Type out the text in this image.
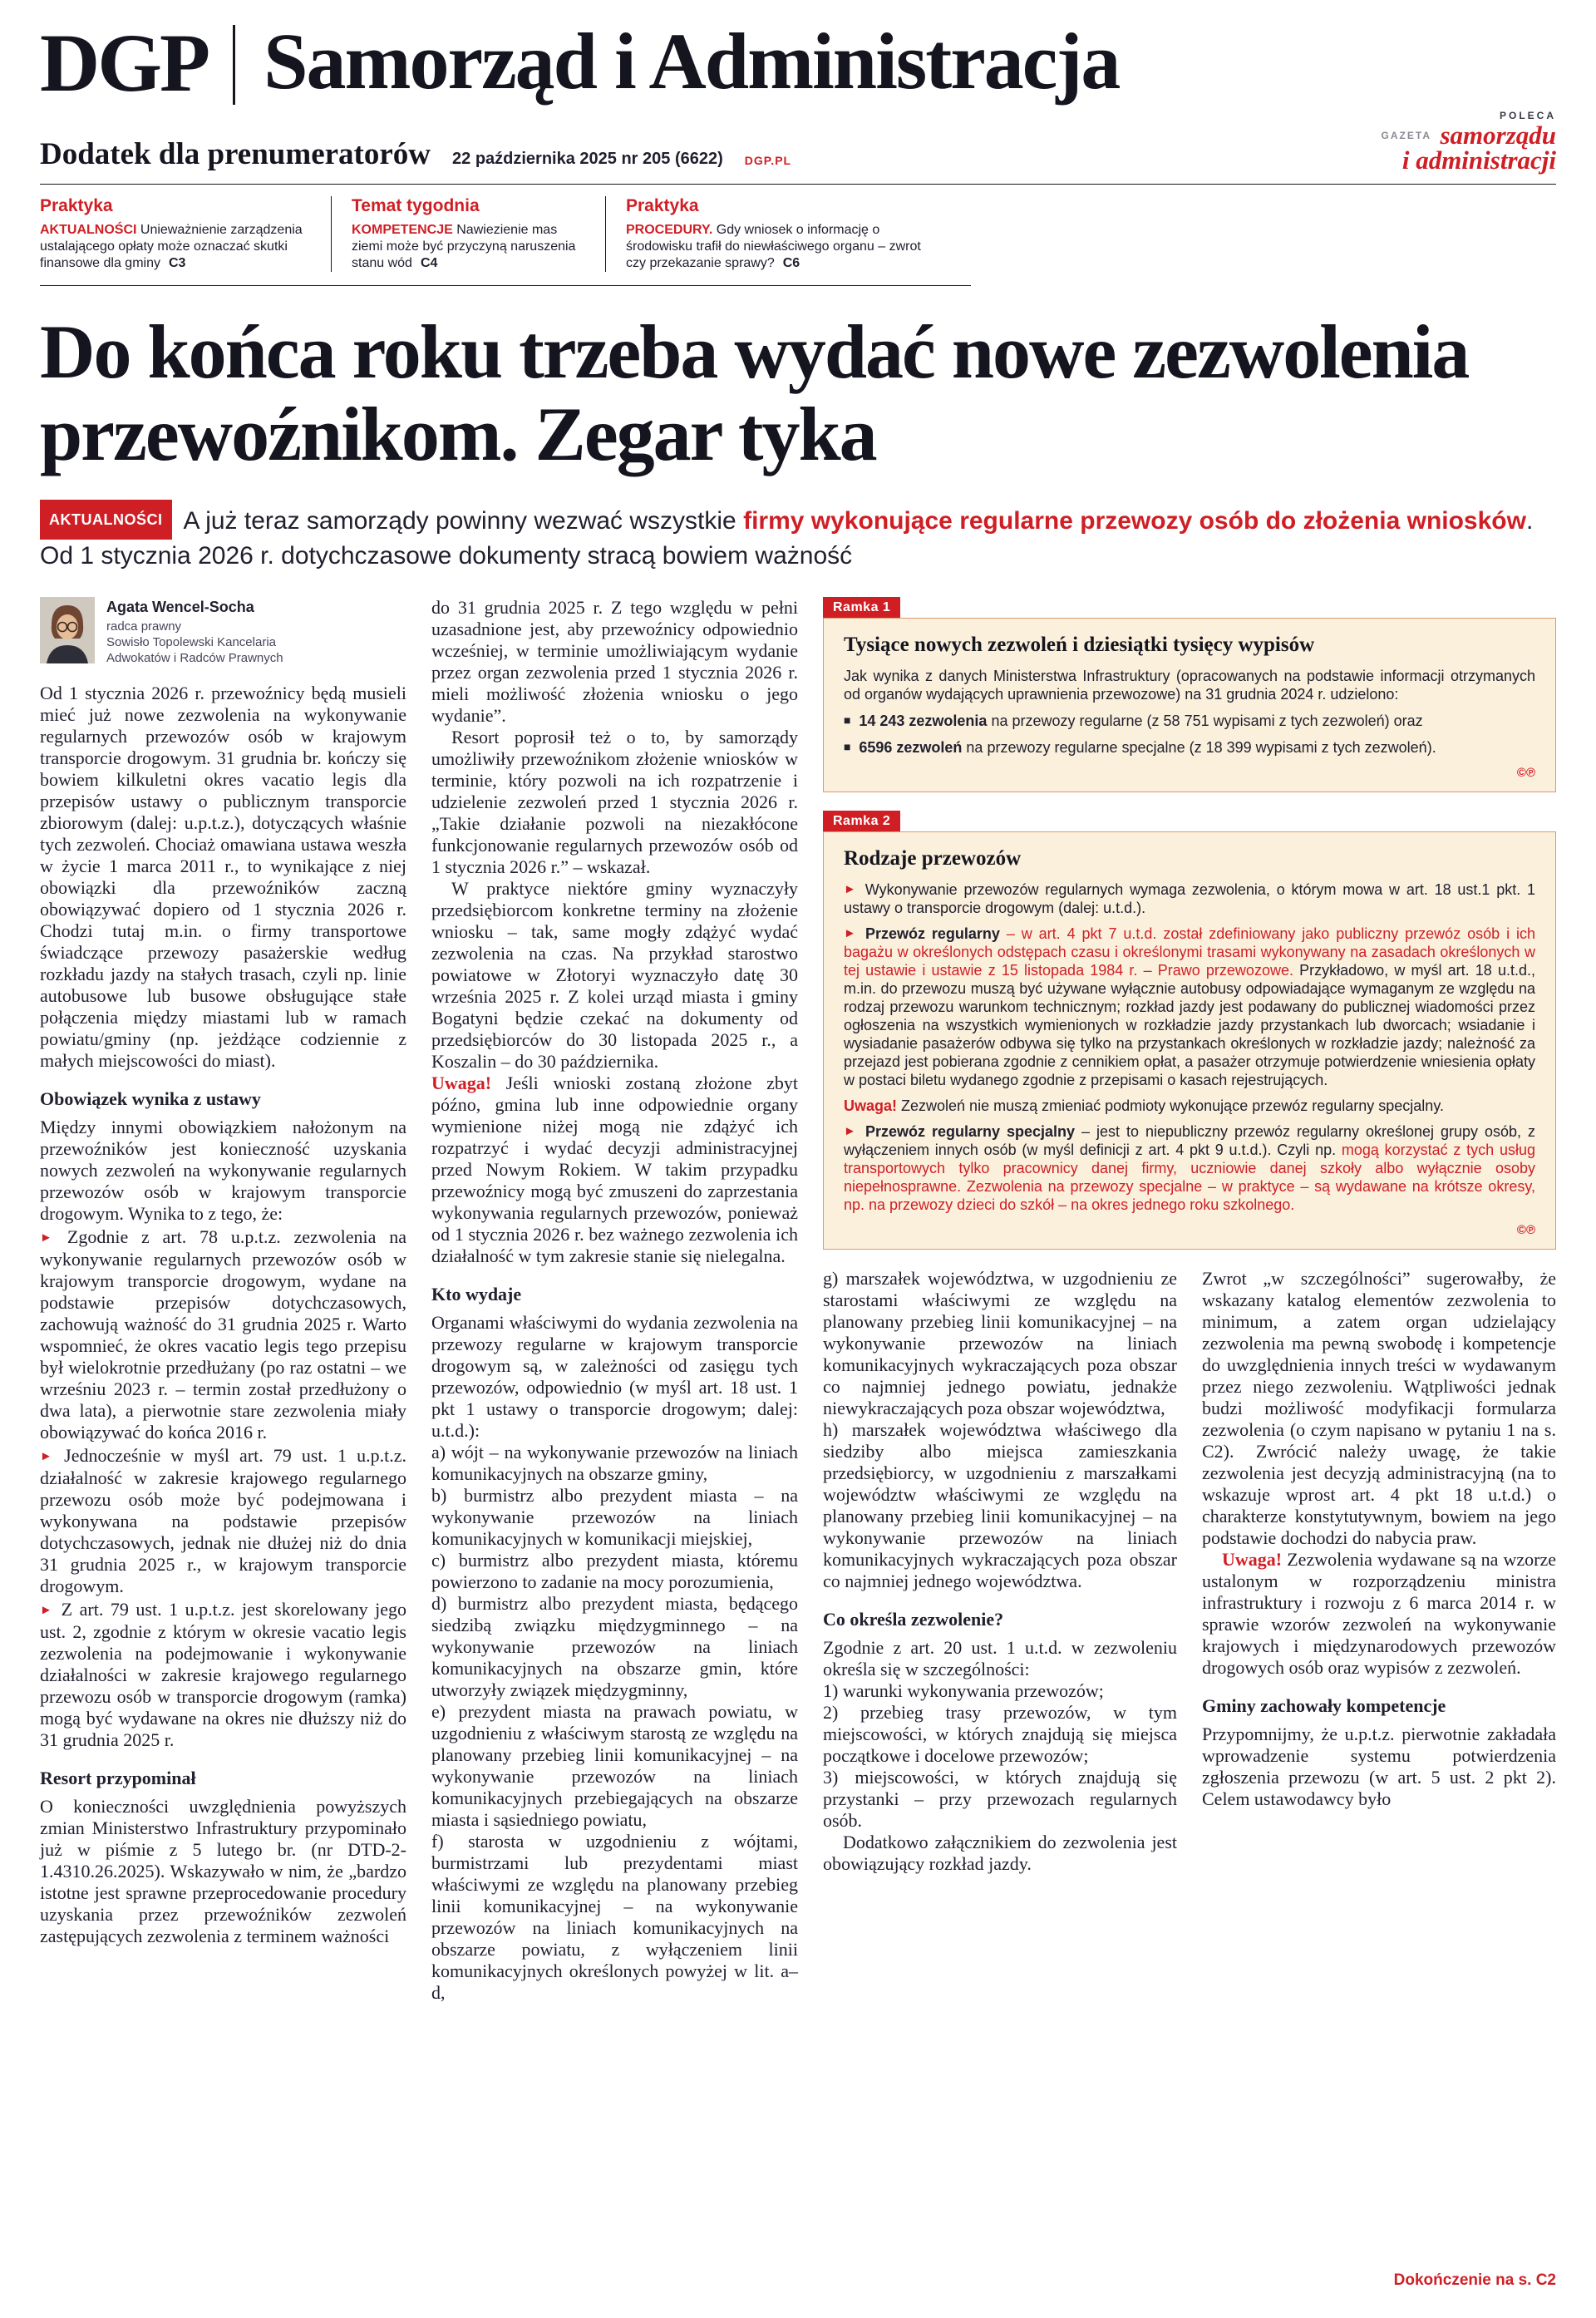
DGP Samorząd i Administracja
Dodatek dla prenumeratorów 22 października 2025 nr 205 (6622) DGP.PL
POLECA
$^{GAZETA}$ samorządu
i administracji
Praktyka

AKTUALNOŚCI Unieważnienie zarządzenia ustalającego opłaty może oznaczać skutki finansowe dla gminy C3

Temat tygodnia

KOMPETENCJE Nawiezienie mas ziemi może być przyczyną naruszenia stanu wód C4

Praktyka

PROCEDURY. Gdy wniosek o informację o środowisku trafił do niewłaściwego organu – zwrot czy przekazanie sprawy? C6

Do końca roku trzeba wydać nowe zezwolenia przewoźnikom. Zegar tyka

AKTUALNOŚCI A już teraz samorządy powinny wezwać wszystkie firmy wykonujące regularne przewozy osób do złożenia wniosków. Od 1 stycznia 2026 r. dotychczasowe dokumenty stracą bowiem ważność

Agata Wencel-Socha
radca prawny
Sowisło Topolewski Kancelaria Adwokatów i Radców Prawnych

Od 1 stycznia 2026 r. przewoźnicy będą musieli mieć już nowe zezwolenia na wykonywanie regularnych przewozów osób w krajowym transporcie drogowym. 31 grudnia br. kończy się bowiem kilkuletni okres vacatio legis dla przepisów ustawy o publicznym transporcie zbiorowym (dalej: u.p.t.z.), dotyczących właśnie tych zezwoleń. Chociaż omawiana ustawa weszła w życie 1 marca 2011 r., to wynikające z niej obowiązki dla przewoźników zaczną obowiązywać dopiero od 1 stycznia 2026 r. Chodzi tutaj m.in. o firmy transportowe świadczące przewozy pasażerskie według rozkładu jazdy na stałych trasach, czyli np. linie autobusowe lub busowe obsługujące stałe połączenia między miastami lub w ramach powiatu/gminy (np. jeżdżące codziennie z małych miejscowości do miast).

Obowiązek wynika z ustawy

Między innymi obowiązkiem nałożonym na przewoźników jest konieczność uzyskania nowych zezwoleń na wykonywanie regularnych przewozów osób w krajowym transporcie drogowym. Wynika to z tego, że:

► Zgodnie z art. 78 u.p.t.z. zezwolenia na wykonywanie regularnych przewozów osób w krajowym transporcie drogowym, wydane na podstawie przepisów dotychczasowych, zachowują ważność do 31 grudnia 2025 r. Warto wspomnieć, że okres vacatio legis tego przepisu był wielokrotnie przedłużany (po raz ostatni – we wrześniu 2023 r. – termin został przedłużony o dwa lata), a pierwotnie stare zezwolenia miały obowiązywać do końca 2016 r.

► Jednocześnie w myśl art. 79 ust. 1 u.p.t.z. działalność w zakresie krajowego regularnego przewozu osób może być podejmowana i wykonywana na podstawie przepisów dotychczasowych, jednak nie dłużej niż do dnia 31 grudnia 2025 r., w krajowym transporcie drogowym.

► Z art. 79 ust. 1 u.p.t.z. jest skorelowany jego ust. 2, zgodnie z którym w okresie vacatio legis zezwolenia na podejmowanie i wykonywanie działalności w zakresie krajowego regularnego przewozu osób w transporcie drogowym (ramka) mogą być wydawane na okres nie dłuższy niż do 31 grudnia 2025 r.

Resort przypominał

O konieczności uwzględnienia powyższych zmian Ministerstwo Infrastruktury przypominało już w piśmie z 5 lutego br. (nr DTD-2-1.4310.26.2025). Wskazywało w nim, że „bardzo istotne jest sprawne przeprocedowanie procedury uzyskania przez przewoźników zezwoleń zastępujących zezwolenia z terminem ważności

do 31 grudnia 2025 r. Z tego względu w pełni uzasadnione jest, aby przewoźnicy odpowiednio wcześniej, w terminie umożliwiającym wydanie przez organ zezwolenia przed 1 stycznia 2026 r. mieli możliwość złożenia wniosku o jego wydanie”.

Resort poprosił też o to, by samorządy umożliwiły przewoźnikom złożenie wniosków w terminie, który pozwoli na ich rozpatrzenie i udzielenie zezwoleń przed 1 stycznia 2026 r. „Takie działanie pozwoli na niezakłócone funkcjonowanie regularnych przewozów osób od 1 stycznia 2026 r.” – wskazał.

W praktyce niektóre gminy wyznaczyły przedsiębiorcom konkretne terminy na złożenie wniosku – tak, same mogły zdążyć wydać zezwolenia na czas. Na przykład starostwo powiatowe w Złotoryi wyznaczyło datę 30 września 2025 r. Z kolei urząd miasta i gminy Bogatyni będzie czekać na dokumenty od przedsiębiorców do 30 listopada 2025 r., a Koszalin – do 30 października.

Uwaga! Jeśli wnioski zostaną złożone zbyt późno, gmina lub inne odpowiednie organy wymienione niżej mogą nie zdążyć ich rozpatrzyć i wydać decyzji administracyjnej przed Nowym Rokiem. W takim przypadku przewoźnicy mogą być zmuszeni do zaprzestania wykonywania regularnych przewozów, ponieważ od 1 stycznia 2026 r. bez ważnego zezwolenia ich działalność w tym zakresie stanie się nielegalna.

Kto wydaje

Organami właściwymi do wydania zezwolenia na przewozy regularne w krajowym transporcie drogowym są, w zależności od zasięgu tych przewozów, odpowiednio (w myśl art. 18 ust. 1 pkt 1 ustawy o transporcie drogowym; dalej: u.t.d.):

a) wójt – na wykonywanie przewozów na liniach komunikacyjnych na obszarze gminy,

b) burmistrz albo prezydent miasta – na wykonywanie przewozów na liniach komunikacyjnych w komunikacji miejskiej,

c) burmistrz albo prezydent miasta, któremu powierzono to zadanie na mocy porozumienia,

d) burmistrz albo prezydent miasta, będącego siedzibą związku międzygminnego – na wykonywanie przewozów na liniach komunikacyjnych na obszarze gmin, które utworzyły związek międzygminny,

e) prezydent miasta na prawach powiatu, w uzgodnieniu z właściwym starostą ze względu na planowany przebieg linii komunikacyjnej – na wykonywanie przewozów na liniach komunikacyjnych przebiegających na obszarze miasta i sąsiedniego powiatu,

f) starosta w uzgodnieniu z wójtami, burmistrzami lub prezydentami miast właściwymi ze względu na planowany przebieg linii komunikacyjnej – na wykonywanie przewozów na liniach komunikacyjnych na obszarze powiatu, z wyłączeniem linii komunikacyjnych określonych powyżej w lit. a–d,

Ramka 1
Tysiące nowych zezwoleń i dziesiątki tysięcy wypisów

Jak wynika z danych Ministerstwa Infrastruktury (opracowanych na podstawie informacji otrzymanych od organów wydających uprawnienia przewozowe) na 31 grudnia 2024 r. udzielono:

■ 14 243 zezwolenia na przewozy regularne (z 58 751 wypisami z tych zezwoleń) oraz

■ 6596 zezwoleń na przewozy regularne specjalne (z 18 399 wypisami z tych zezwoleń).

©℗
Ramka 2
Rodzaje przewozów

► Wykonywanie przewozów regularnych wymaga zezwolenia, o którym mowa w art. 18 ust.1 pkt. 1 ustawy o transporcie drogowym (dalej: u.t.d.).

► Przewóz regularny – w art. 4 pkt 7 u.t.d. został zdefiniowany jako publiczny przewóz osób i ich bagażu w określonych odstępach czasu i określonymi trasami wykonywany na zasadach określonych w tej ustawie i ustawie z 15 listopada 1984 r. – Prawo przewozowe. Przykładowo, w myśl art. 18 u.t.d., m.in. do przewozu muszą być używane wyłącznie autobusy odpowiadające wymaganym ze względu na rodzaj przewozu warunkom technicznym; rozkład jazdy jest podawany do publicznej wiadomości przez ogłoszenia na wszystkich wymienionych w rozkładzie jazdy przystankach lub dworcach; wsiadanie i wysiadanie pasażerów odbywa się tylko na przystankach określonych w rozkładzie jazdy; należność za przejazd jest pobierana zgodnie z cennikiem opłat, a pasażer otrzymuje potwierdzenie wniesienia opłaty w postaci biletu wydanego zgodnie z przepisami o kasach rejestrujących.

Uwaga! Zezwoleń nie muszą zmieniać podmioty wykonujące przewóz regularny specjalny.

► Przewóz regularny specjalny – jest to niepubliczny przewóz regularny określonej grupy osób, z wyłączeniem innych osób (w myśl definicji z art. 4 pkt 9 u.t.d.). Czyli np. mogą korzystać z tych usług transportowych tylko pracownicy danej firmy, uczniowie danej szkoły albo wyłącznie osoby niepełnosprawne. Zezwolenia na przewozy specjalne – w praktyce – są wydawane na krótsze okresy, np. na przewozy dzieci do szkół – na okres jednego roku szkolnego.

©℗

g) marszałek województwa, w uzgodnieniu ze starostami właściwymi ze względu na planowany przebieg linii komunikacyjnej – na wykonywanie przewozów na liniach komunikacyjnych wykraczających poza obszar co najmniej jednego powiatu, jednakże niewykraczających poza obszar województwa,

h) marszałek województwa właściwego dla siedziby albo miejsca zamieszkania przedsiębiorcy, w uzgodnieniu z marszałkami województw właściwymi ze względu na planowany przebieg linii komunikacyjnej – na wykonywanie przewozów na liniach komunikacyjnych wykraczających poza obszar co najmniej jednego województwa.

Co określa zezwolenie?

Zgodnie z art. 20 ust. 1 u.t.d. w zezwoleniu określa się w szczególności:

1) warunki wykonywania przewozów;

2) przebieg trasy przewozów, w tym miejscowości, w których znajdują się miejsca początkowe i docelowe przewozów;

3) miejscowości, w których znajdują się przystanki – przy przewozach regularnych osób.

Dodatkowo załącznikiem do zezwolenia jest obowiązujący rozkład jazdy.

Zwrot „w szczególności” sugerowałby, że wskazany katalog elementów zezwolenia to minimum, a zatem organ udzielający zezwolenia ma pewną swobodę i kompetencje do uwzględnienia innych treści w wydawanym przez niego zezwoleniu. Wątpliwości jednak budzi możliwość modyfikacji formularza zezwolenia (o czym napisano w pytaniu 1 na s. C2). Zwrócić należy uwagę, że takie zezwolenia jest decyzją administracyjną (na to wskazuje wprost art. 4 pkt 18 u.t.d.) o charakterze konstytutywnym, bowiem na jego podstawie dochodzi do nabycia praw.

Uwaga! Zezwolenia wydawane są na wzorze ustalonym w rozporządzeniu ministra infrastruktury i rozwoju z 6 marca 2014 r. w sprawie wzorów zezwoleń na wykonywanie krajowych i międzynarodowych przewozów drogowych osób oraz wypisów z zezwoleń.

Gminy zachowały kompetencje

Przypomnijmy, że u.p.t.z. pierwotnie zakładała wprowadzenie systemu potwierdzenia zgłoszenia przewozu (w art. 5 ust. 2 pkt 2). Celem ustawodawcy było

Dokończenie na s. C2
